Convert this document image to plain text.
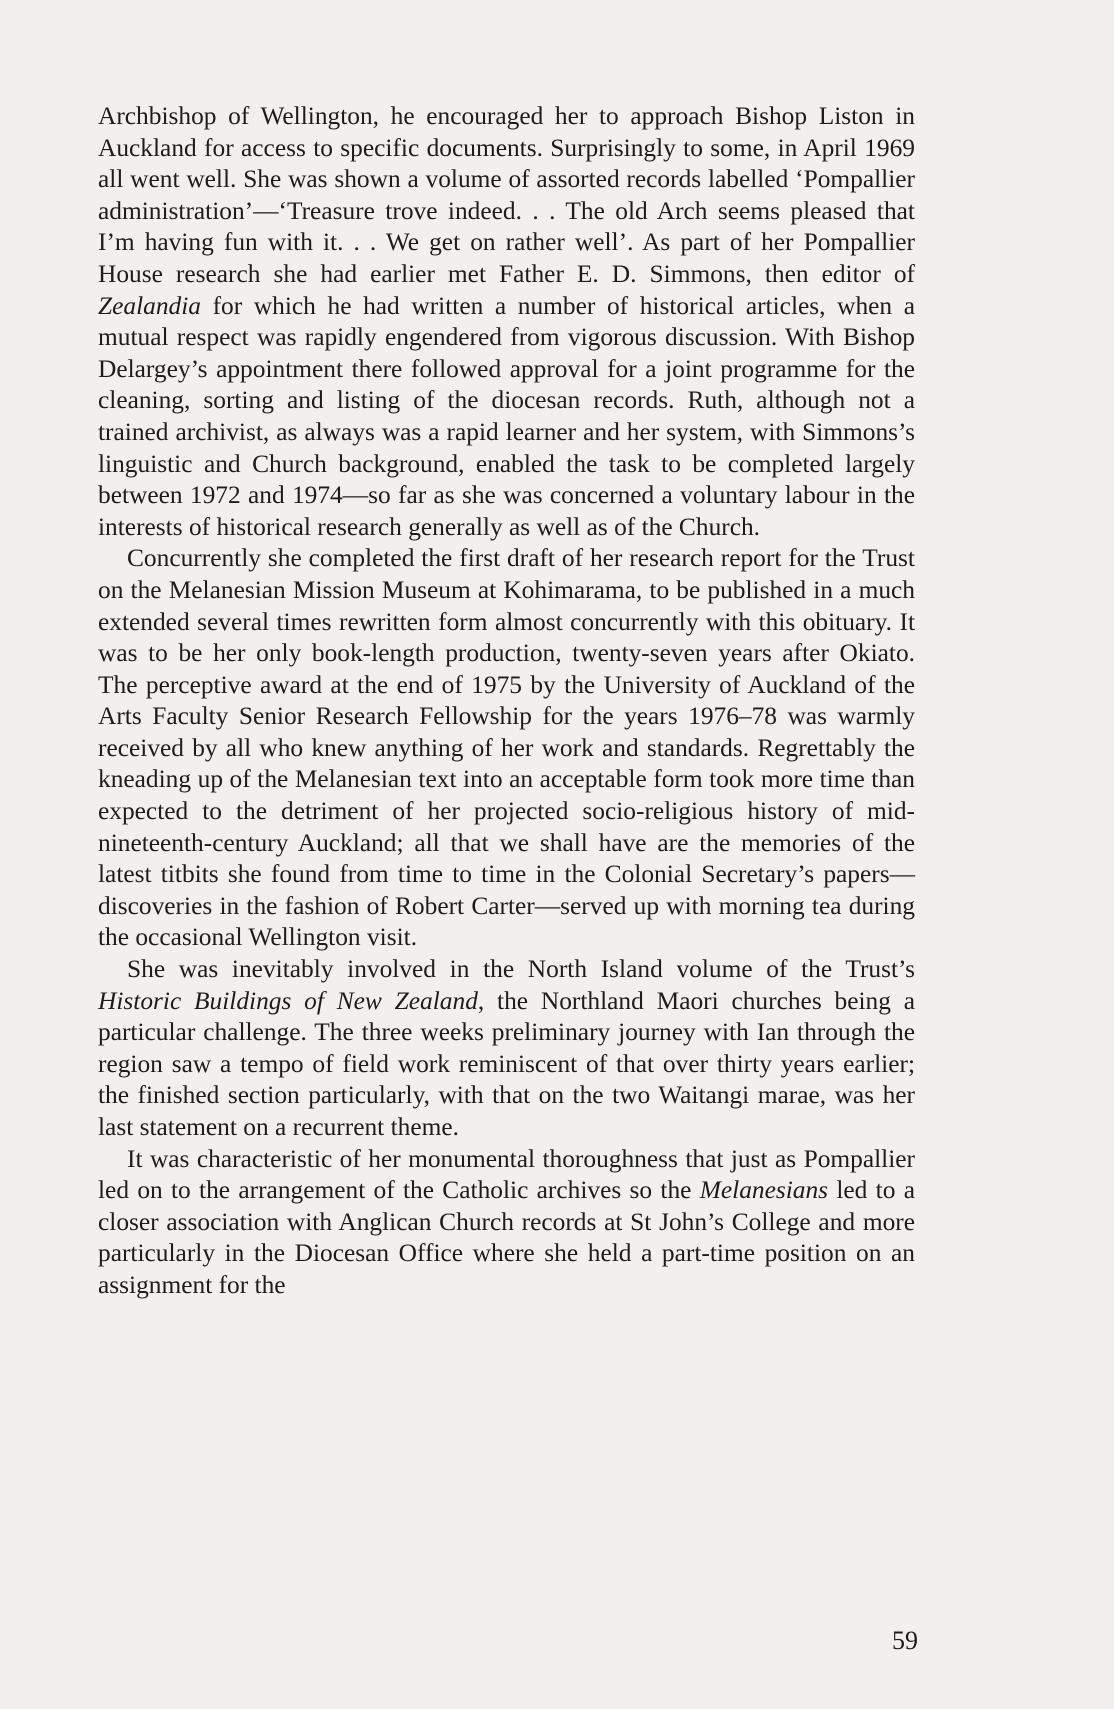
Archbishop of Wellington, he encouraged her to approach Bishop Liston in Auckland for access to specific documents. Surprisingly to some, in April 1969 all went well. She was shown a volume of assorted records labelled ‘Pompallier administration’—‘Treasure trove indeed. . . The old Arch seems pleased that I’m having fun with it. . . We get on rather well’. As part of her Pompallier House research she had earlier met Father E. D. Simmons, then editor of Zealandia for which he had written a number of historical articles, when a mutual respect was rapidly engendered from vigorous discussion. With Bishop Delargey’s appointment there followed approval for a joint programme for the cleaning, sorting and listing of the diocesan records. Ruth, although not a trained archivist, as always was a rapid learner and her system, with Simmons’s linguistic and Church background, enabled the task to be completed largely between 1972 and 1974—so far as she was concerned a voluntary labour in the interests of historical research generally as well as of the Church.

Concurrently she completed the first draft of her research report for the Trust on the Melanesian Mission Museum at Kohimarama, to be published in a much extended several times rewritten form almost concurrently with this obituary. It was to be her only book-length production, twenty-seven years after Okiato. The perceptive award at the end of 1975 by the University of Auckland of the Arts Faculty Senior Research Fellowship for the years 1976–78 was warmly received by all who knew anything of her work and standards. Regrettably the kneading up of the Melanesian text into an acceptable form took more time than expected to the detriment of her projected socio-religious history of mid-nineteenth-century Auckland; all that we shall have are the memories of the latest titbits she found from time to time in the Colonial Secretary’s papers—discoveries in the fashion of Robert Carter—served up with morning tea during the occasional Wellington visit.

She was inevitably involved in the North Island volume of the Trust’s Historic Buildings of New Zealand, the Northland Maori churches being a particular challenge. The three weeks preliminary journey with Ian through the region saw a tempo of field work reminiscent of that over thirty years earlier; the finished section particularly, with that on the two Waitangi marae, was her last statement on a recurrent theme.

It was characteristic of her monumental thoroughness that just as Pompallier led on to the arrangement of the Catholic archives so the Melanesians led to a closer association with Anglican Church records at St John’s College and more particularly in the Diocesan Office where she held a part-time position on an assignment for the

59
